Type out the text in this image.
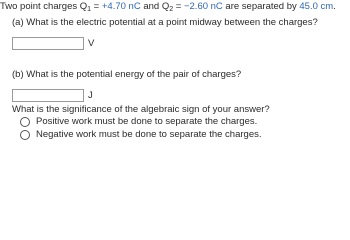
Two point charges $Q_1 = +4.70$ nC and $Q_2 = -2.60$ nC are separated by 45.0 cm.
(a) What is the electric potential at a point midway between the charges?
V
(b) What is the potential energy of the pair of charges?
J
What is the significance of the algebraic sign of your answer?
Positive work must be done to separate the charges.
Negative work must be done to separate the charges.
